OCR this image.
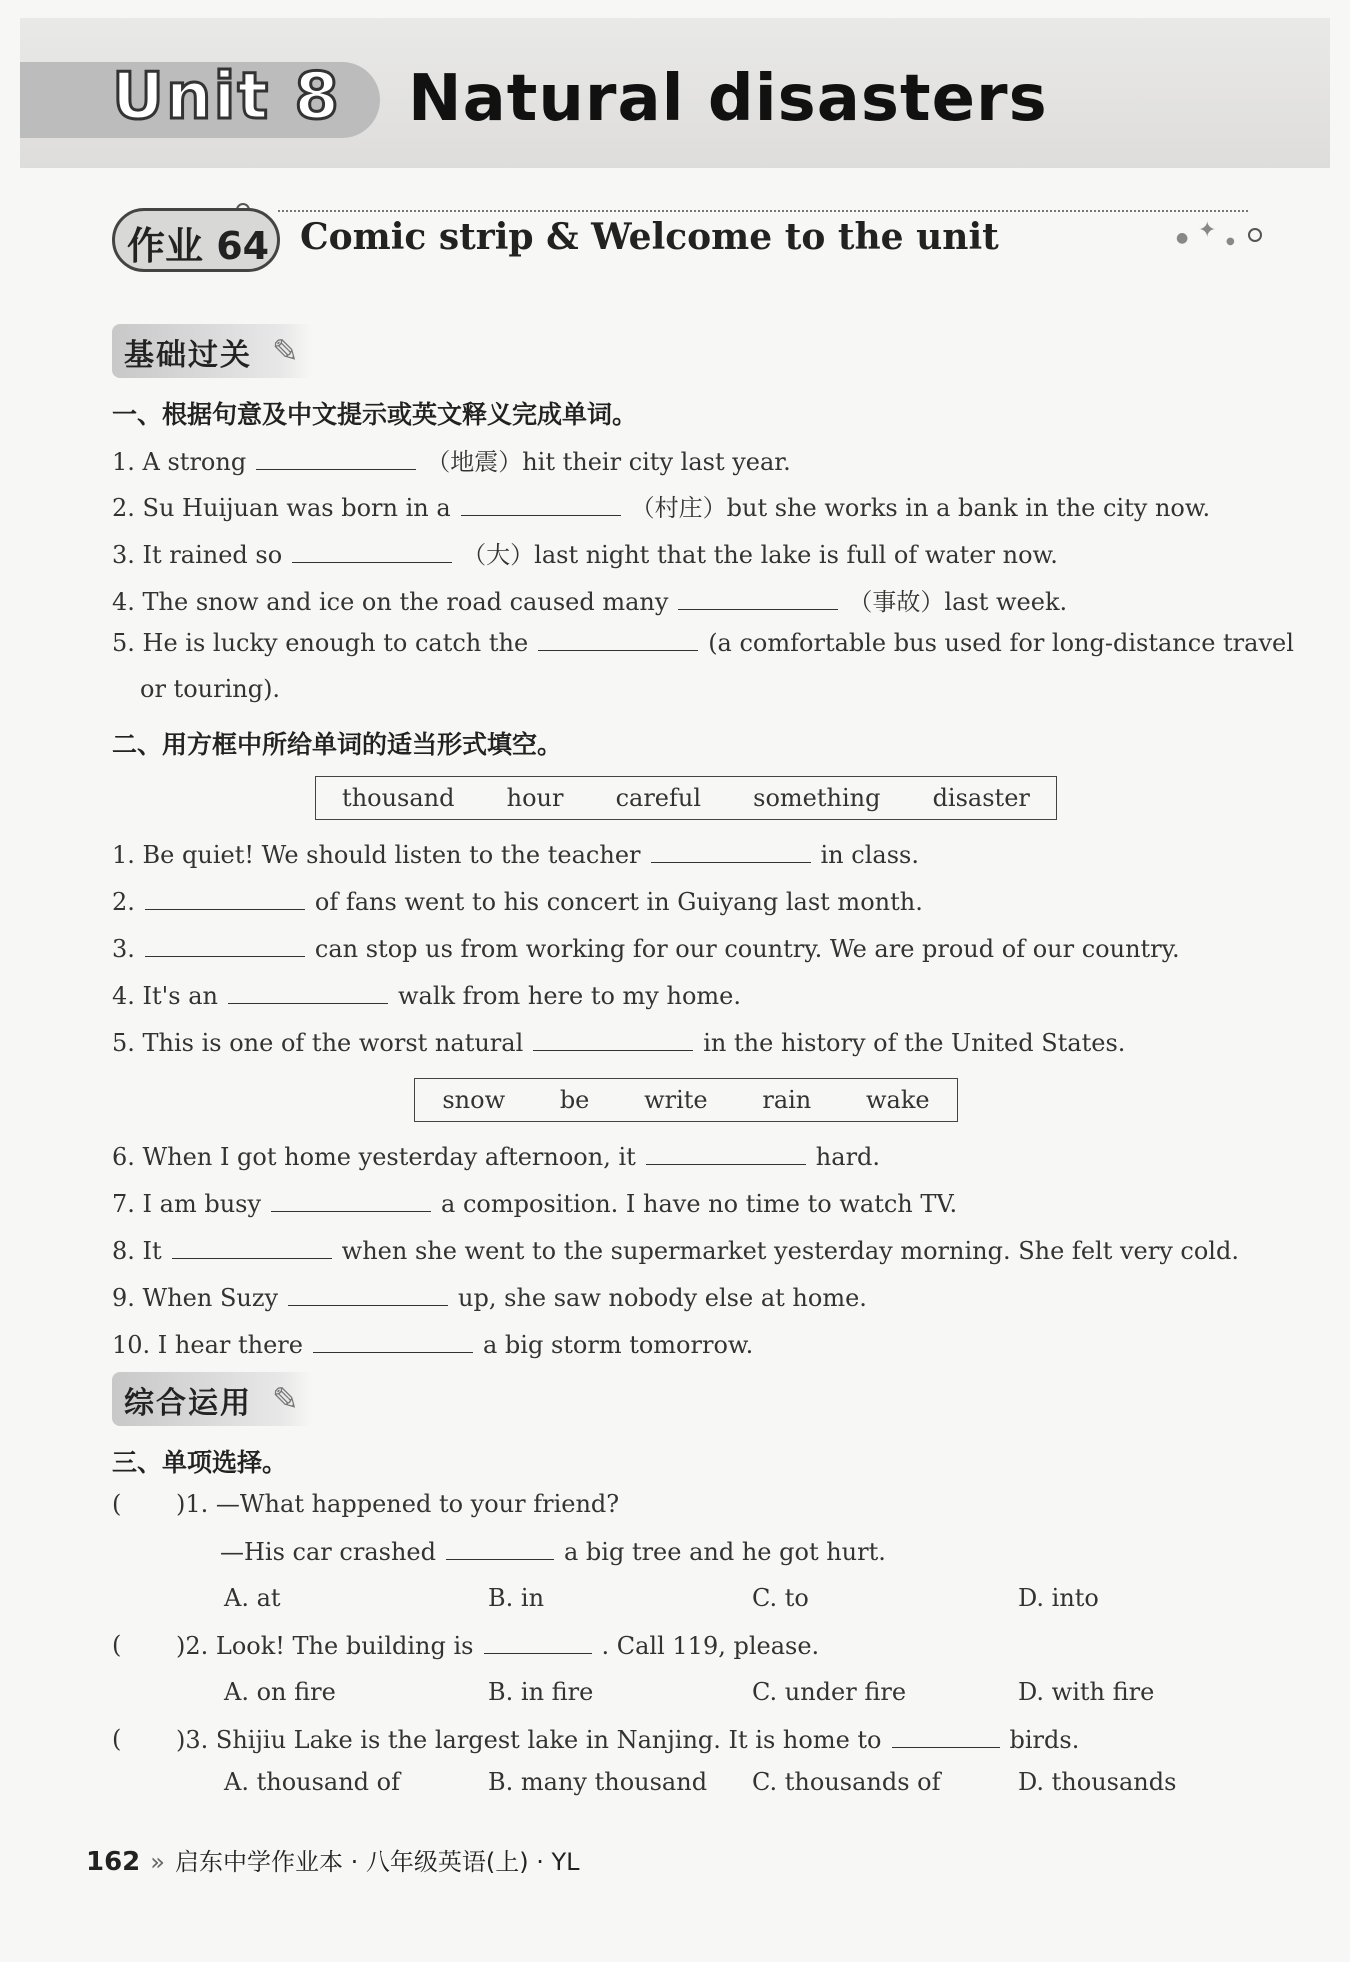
Unit 8 Natural disasters
● ✦ ●
作业 64 Comic strip & Welcome to the unit
基础过关 ✎
一、根据句意及中文提示或英文释义完成单词。
1. A strong	（地震）hit their city last year.
2. Su Huijuan was born in a	（村庄）but she works in a bank in the city now.
3. It rained so	（大）last night that the lake is full of water now.
4. The snow and ice on the road caused many	（事故）last week.
5. He is lucky enough to catch the	(a comfortable bus used for long-distance travel
or touring).
二、用方框中所给单词的适当形式填空。
thousand hour careful something disaster
1. Be quiet! We should listen to the teacher	in class.
2.	of fans went to his concert in Guiyang last month.
3.	can stop us from working for our country. We are proud of our country.
4. It's an	walk from here to my home.
5. This is one of the worst natural	in the history of the United States.
snow be write rain wake
6. When I got home yesterday afternoon, it	hard.
7. I am busy	a composition. I have no time to watch TV.
8. It	when she went to the supermarket yesterday morning. She felt very cold.
9. When Suzy	up, she saw nobody else at home.
10. I hear there	a big storm tomorrow.
综合运用 ✎
三、单项选择。
( )1. —What happened to your friend?
—His car crashed	a big tree and he got hurt.
A. at	B. in	C. to	D. into
( )2. Look! The building is	. Call 119, please.
A. on fire	B. in fire	C. under fire	D. with fire
( )3. Shijiu Lake is the largest lake in Nanjing. It is home to	birds.
A. thousand of	B. many thousand C. thousands of	D. thousands
162 » 启东中学作业本 · 八年级英语(上) · YL
